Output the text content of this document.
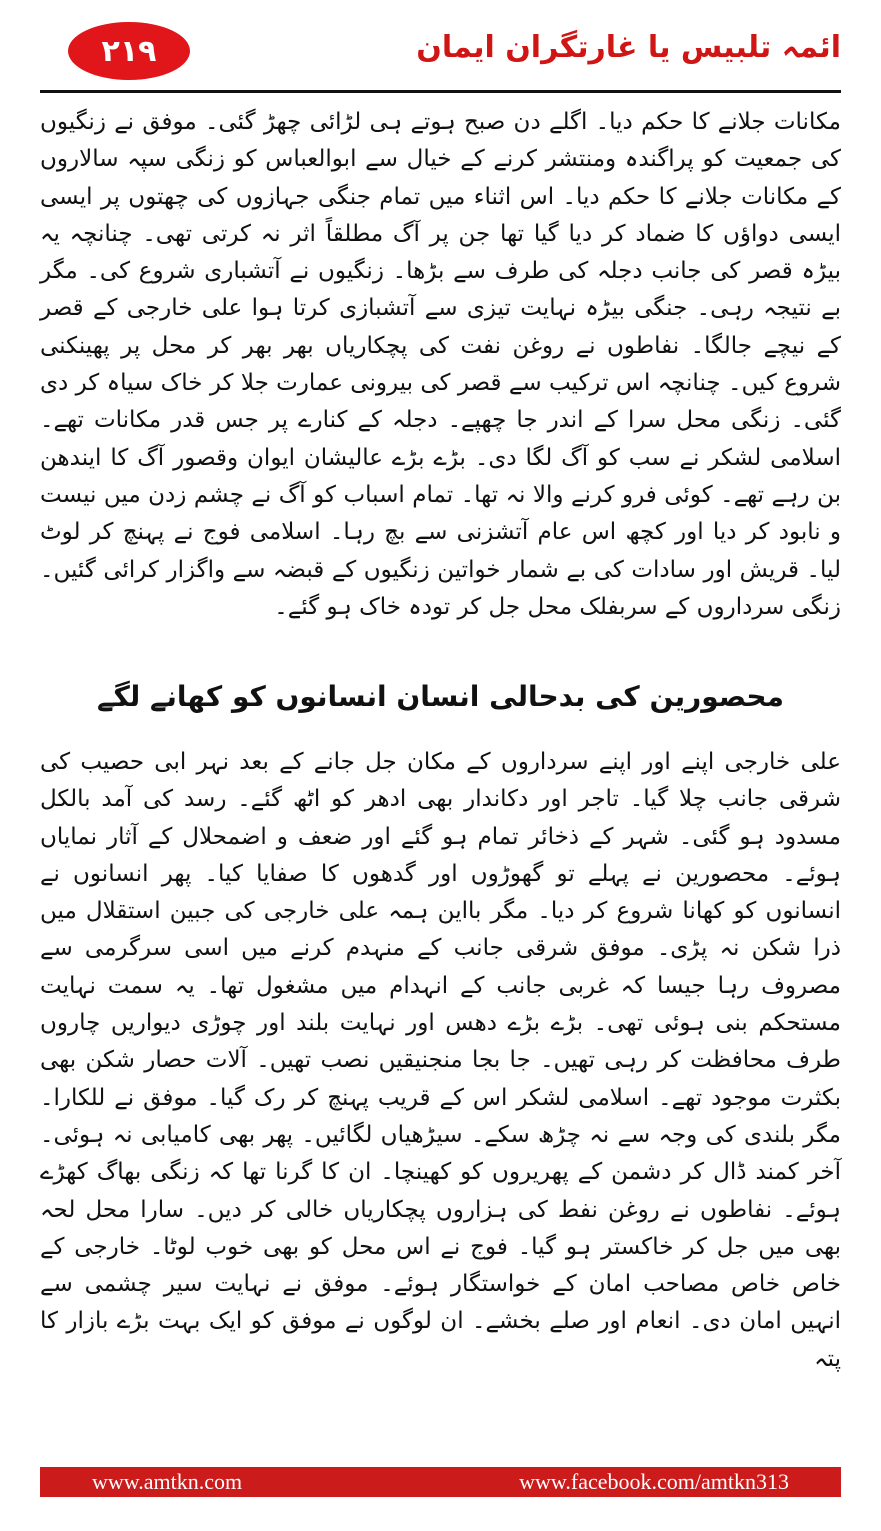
۲۱۹	ائمہ تلبیس یا غارتگران ایمان

مکانات جلانے کا حکم دیا۔ اگلے دن صبح ہوتے ہی لڑائی چھڑ گئی۔ موفق نے زنگیوں کی جمعیت کو پراگندہ ومنتشر کرنے کے خیال سے ابوالعباس کو زنگی سپہ سالاروں کے مکانات جلانے کا حکم دیا۔ اس اثناء میں تمام جنگی جہازوں کی چھتوں پر ایسی ایسی دواؤں کا ضماد کر دیا گیا تھا جن پر آگ مطلقاً اثر نہ کرتی تھی۔ چنانچہ یہ بیڑہ قصر کی جانب دجلہ کی طرف سے بڑھا۔ زنگیوں نے آتشباری شروع کی۔ مگر بے نتیجہ رہی۔ جنگی بیڑہ نہایت تیزی سے آتشبازی کرتا ہوا علی خارجی کے قصر کے نیچے جالگا۔ نفاطوں نے روغن نفت کی پچکاریاں بھر بھر کر محل پر پھینکنی شروع کیں۔ چنانچہ اس ترکیب سے قصر کی بیرونی عمارت جلا کر خاک سیاہ کر دی گئی۔ زنگی محل سرا کے اندر جا چھپے۔ دجلہ کے کنارے پر جس قدر مکانات تھے۔ اسلامی لشکر نے سب کو آگ لگا دی۔ بڑے بڑے عالیشان ایوان وقصور آگ کا ایندھن بن رہے تھے۔ کوئی فرو کرنے والا نہ تھا۔ تمام اسباب کو آگ نے چشم زدن میں نیست و نابود کر دیا اور کچھ اس عام آتشزنی سے بچ رہا۔ اسلامی فوج نے پہنچ کر لوٹ لیا۔ قریش اور سادات کی بے شمار خواتین زنگیوں کے قبضہ سے واگزار کرائی گئیں۔ زنگی سرداروں کے سربفلک محل جل کر تودہ خاک ہو گئے۔

محصورین کی بدحالی انسان انسانوں کو کھانے لگے

علی خارجی اپنے اور اپنے سرداروں کے مکان جل جانے کے بعد نہر ابی حصیب کی شرقی جانب چلا گیا۔ تاجر اور دکاندار بھی ادھر کو اٹھ گئے۔ رسد کی آمد بالکل مسدود ہو گئی۔ شہر کے ذخائر تمام ہو گئے اور ضعف و اضمحلال کے آثار نمایاں ہوئے۔ محصورین نے پہلے تو گھوڑوں اور گدھوں کا صفایا کیا۔ پھر انسانوں نے انسانوں کو کھانا شروع کر دیا۔ مگر بااین ہمہ علی خارجی کی جبین استقلال میں ذرا شکن نہ پڑی۔ موفق شرقی جانب کے منہدم کرنے میں اسی سرگرمی سے مصروف رہا جیسا کہ غربی جانب کے انہدام میں مشغول تھا۔ یہ سمت نہایت مستحکم بنی ہوئی تھی۔ بڑے بڑے دھس اور نہایت بلند اور چوڑی دیواریں چاروں طرف محافظت کر رہی تھیں۔ جا بجا منجنیقیں نصب تھیں۔ آلات حصار شکن بھی بکثرت موجود تھے۔ اسلامی لشکر اس کے قریب پہنچ کر رک گیا۔ موفق نے للکارا۔ مگر بلندی کی وجہ سے نہ چڑھ سکے۔ سیڑھیاں لگائیں۔ پھر بھی کامیابی نہ ہوئی۔ آخر کمند ڈال کر دشمن کے پھریروں کو کھینچا۔ ان کا گرنا تھا کہ زنگی بھاگ کھڑے ہوئے۔ نفاطوں نے روغن نفط کی ہزاروں پچکاریاں خالی کر دیں۔ سارا محل لحہ بھی میں جل کر خاکستر ہو گیا۔ فوج نے اس محل کو بھی خوب لوٹا۔ خارجی کے خاص خاص مصاحب امان کے خواستگار ہوئے۔ موفق نے نہایت سیر چشمی سے انہیں امان دی۔ انعام اور صلے بخشے۔ ان لوگوں نے موفق کو ایک بہت بڑے بازار کا پتہ

www.amtkn.com	www.facebook.com/amtkn313
